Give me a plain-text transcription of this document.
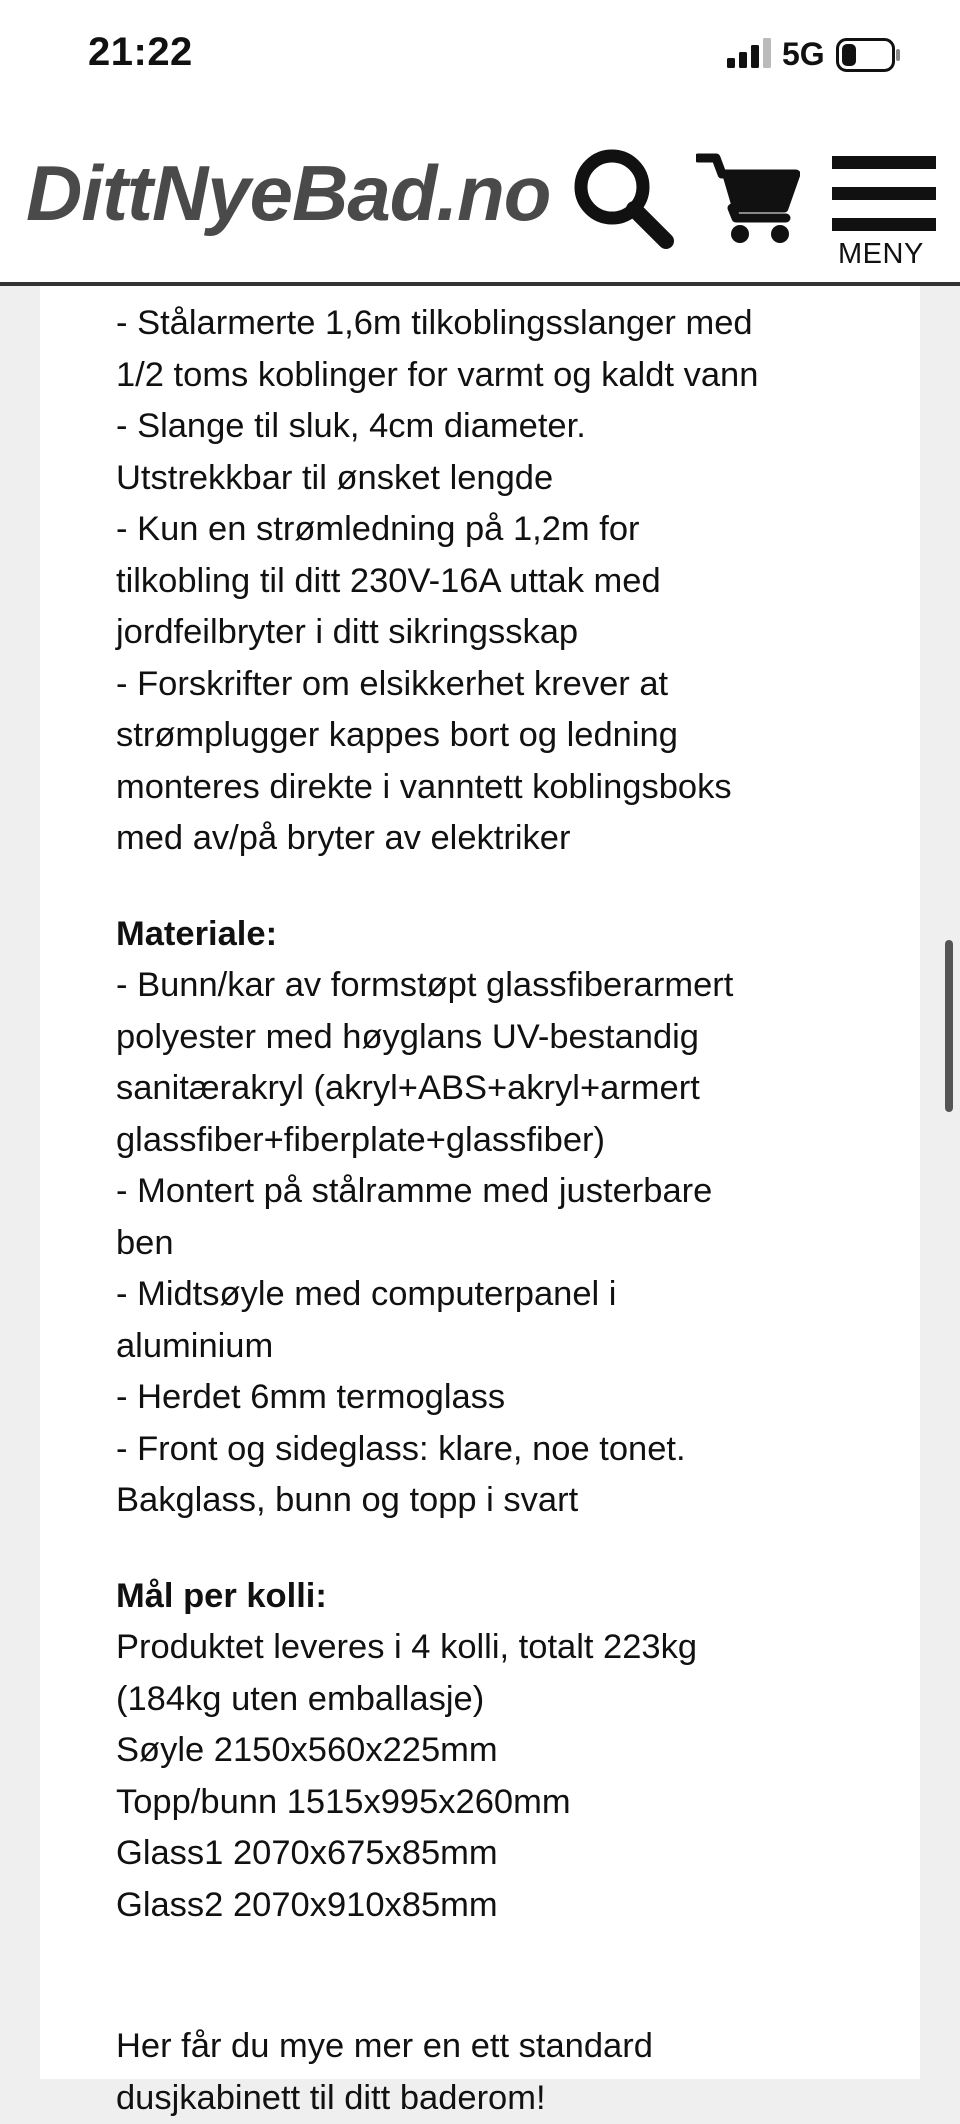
21:22	5G
DittNyeBad.no
MENY
- Stålarmerte 1,6m tilkoblingsslanger med
1/2 toms koblinger for varmt og kaldt vann
- Slange til sluk, 4cm diameter.
Utstrekkbar til ønsket lengde
- Kun en strømledning på 1,2m for
tilkobling til ditt 230V-16A uttak med
jordfeilbryter i ditt sikringsskap
- Forskrifter om elsikkerhet krever at
strømplugger kappes bort og ledning
monteres direkte i vanntett koblingsboks
med av/på bryter av elektriker
Materiale:
- Bunn/kar av formstøpt glassfiberarmert
polyester med høyglans UV-bestandig
sanitærakryl (akryl+ABS+akryl+armert
glassfiber+fiberplate+glassfiber)
- Montert på stålramme med justerbare
ben
- Midtsøyle med computerpanel i
aluminium
- Herdet 6mm termoglass
- Front og sideglass: klare, noe tonet.
Bakglass, bunn og topp i svart
Mål per kolli:
Produktet leveres i 4 kolli, totalt 223kg
(184kg uten emballasje)
Søyle 2150x560x225mm
Topp/bunn 1515x995x260mm
Glass1 2070x675x85mm
Glass2 2070x910x85mm
Her får du mye mer en ett standard
dusjkabinett til ditt baderom!
